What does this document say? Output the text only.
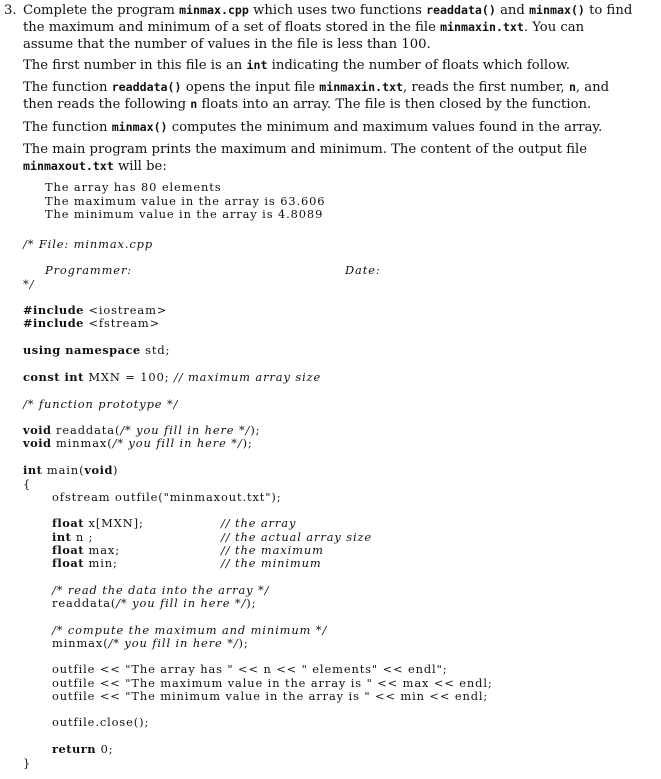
3. Complete the program minmax.cpp which uses two functions readdata() and minmax() to find the maximum and minimum of a set of floats stored in the file minmaxin.txt. You can assume that the number of values in the file is less than 100.
The first number in this file is an int indicating the number of floats which follow.
The function readdata() opens the input file minmaxin.txt, reads the first number, n, and then reads the following n floats into an array. The file is then closed by the function.
The function minmax() computes the minimum and maximum values found in the array.
The main program prints the maximum and minimum. The content of the output file minmaxout.txt will be:
The array has 80 elements
The maximum value in the array is 63.606
The minimum value in the array is 4.8089
/* File: minmax.cpp
Programmer:	Date:
*/
#include <iostream>
#include <fstream>
using namespace std;
const int MXN = 100; // maximum array size
/* function prototype */
void readdata(/* you fill in here */);
void minmax(/* you fill in here */);
int main(void)
{
ofstream outfile("minmaxout.txt");
float x[MXN];
int n ;
float max;
float min;
// the array
// the actual array size
// the maximum
// the minimum
/* read the data into the array */
readdata(/* you fill in here */);
/* compute the maximum and minimum */
minmax(/* you fill in here */);
outfile << "The array has " << n << " elements" << endl";
outfile << "The maximum value in the array is " << max << endl;
outfile << "The minimum value in the array is " << min << endl;
outfile.close();
return 0;
}
